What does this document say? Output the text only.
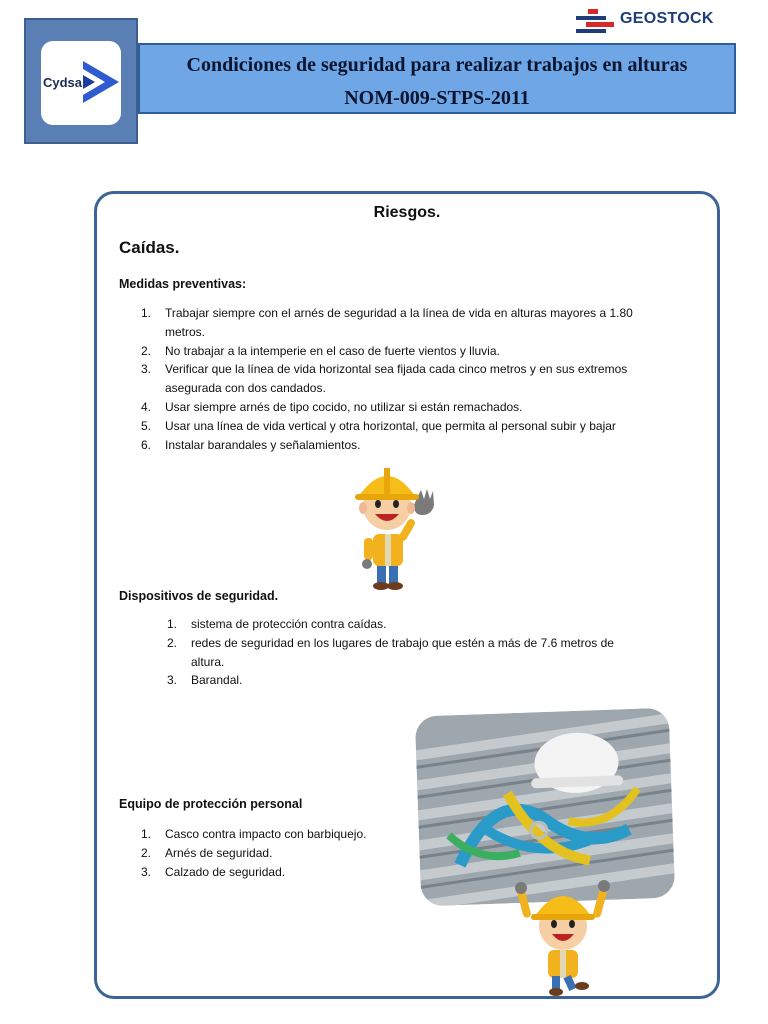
Cydsa
Condiciones de seguridad para realizar trabajos en alturas
NOM-009-STPS-2011
GEOSTOCK
Riesgos.
Caídas.
Medidas preventivas:
1. Trabajar siempre con el arnés de seguridad a la línea de vida en alturas mayores a 1.80 metros.
2. No trabajar a la intemperie en el caso de fuerte vientos y lluvia.
3. Verificar que la línea de vida horizontal sea fijada cada cinco metros y en sus extremos asegurada con dos candados.
4. Usar siempre arnés de tipo cocido, no utilizar si están remachados.
5. Usar una línea de vida vertical y otra horizontal, que permita al personal subir y bajar
6. Instalar barandales y señalamientos.
Dispositivos de seguridad.
1. sistema de protección contra caídas.
2. redes de seguridad en los lugares de trabajo que estén a más de 7.6 metros de altura.
3. Barandal.
Equipo de protección personal
1. Casco contra impacto con barbiquejo.
2. Arnés de seguridad.
3. Calzado de seguridad.
